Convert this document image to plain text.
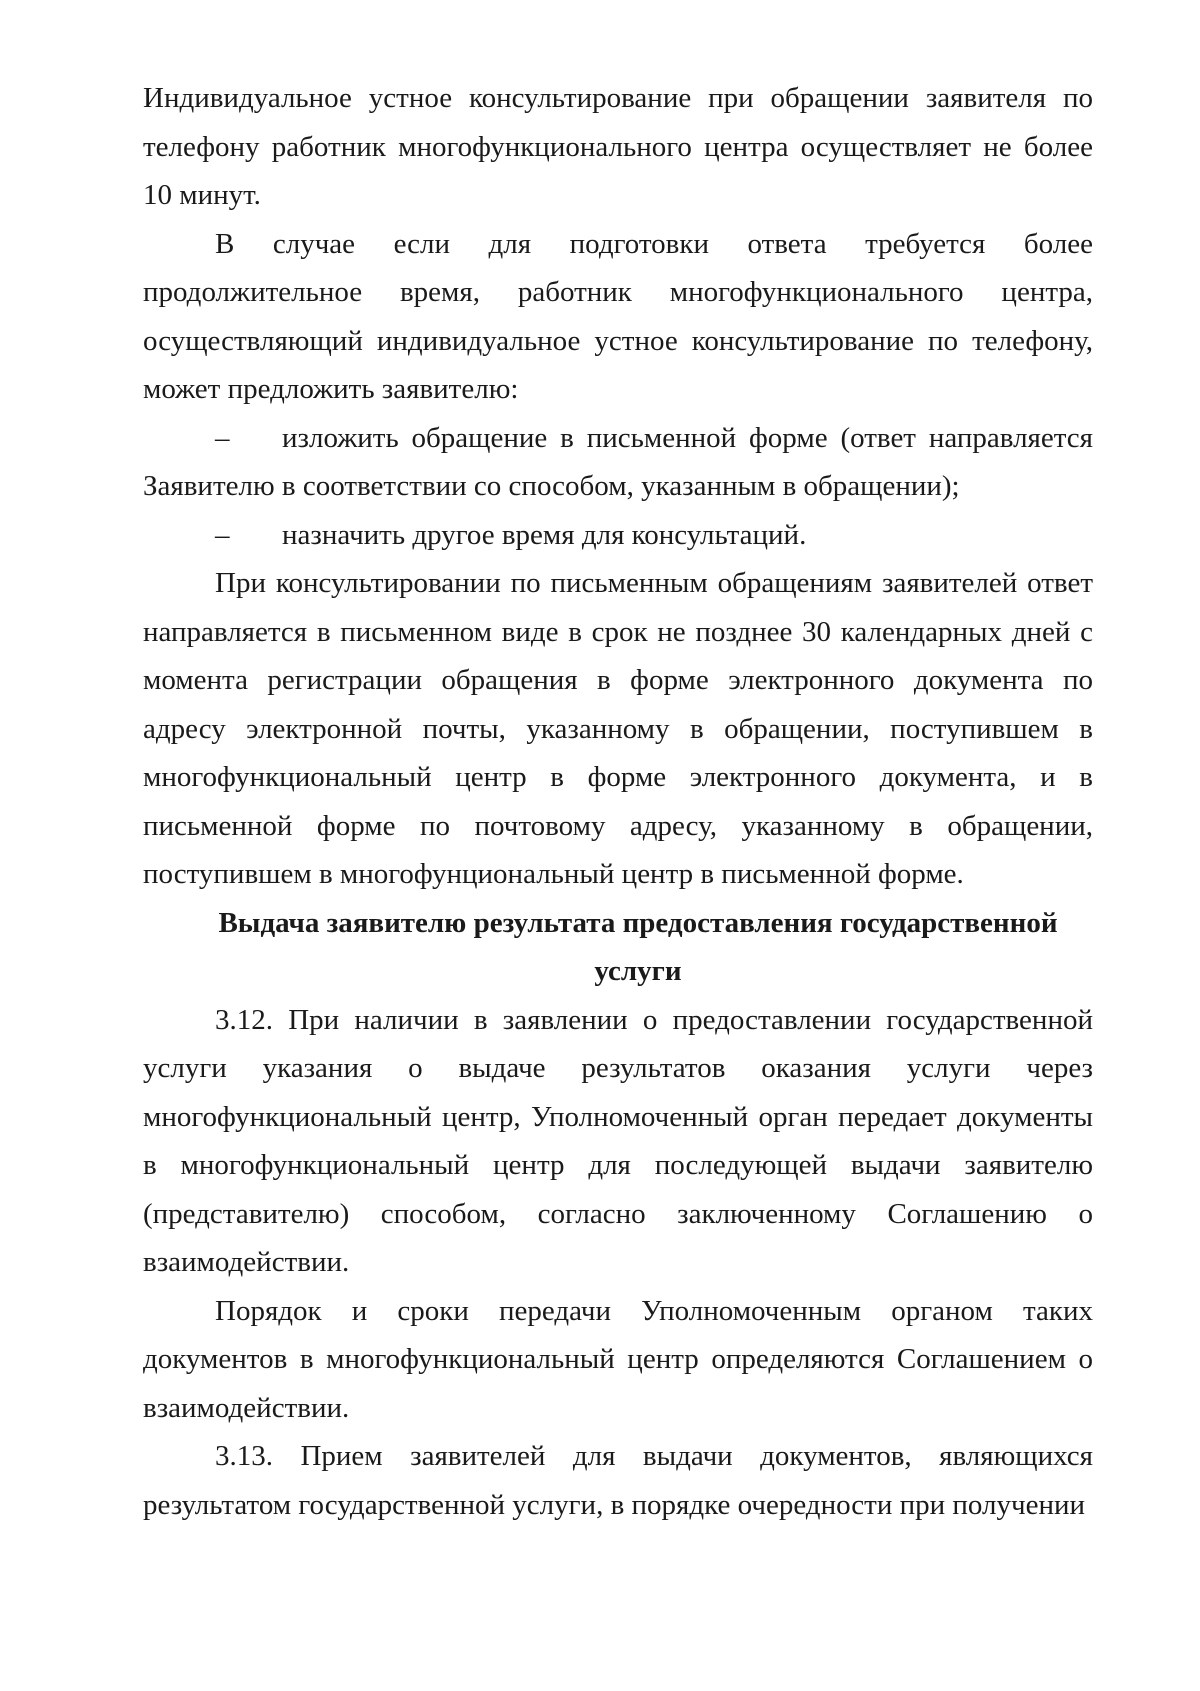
Индивидуальное устное консультирование при обращении заявителя по телефону работник многофункционального центра осуществляет не более 10 минут.

В случае если для подготовки ответа требуется более продолжительное время, работник многофункционального центра, осуществляющий индивидуальное устное консультирование по телефону, может предложить заявителю:

– изложить обращение в письменной форме (ответ направляется Заявителю в соответствии со способом, указанным в обращении);

– назначить другое время для консультаций.

При консультировании по письменным обращениям заявителей ответ направляется в письменном виде в срок не позднее 30 календарных дней с момента регистрации обращения в форме электронного документа по адресу электронной почты, указанному в обращении, поступившем в многофункциональный центр в форме электронного документа, и в письменной форме по почтовому адресу, указанному в обращении, поступившем в многофунциональный центр в письменной форме.

Выдача заявителю результата предоставления государственной
услуги

3.12. При наличии в заявлении о предоставлении государственной услуги указания о выдаче результатов оказания услуги через многофункциональный центр, Уполномоченный орган передает документы в многофункциональный центр для последующей выдачи заявителю (представителю) способом, согласно заключенному Соглашению о взаимодействии.

Порядок и сроки передачи Уполномоченным органом таких документов в многофункциональный центр определяются Соглашением о взаимодействии.

3.13. Прием заявителей для выдачи документов, являющихся результатом государственной услуги, в порядке очередности при получении
